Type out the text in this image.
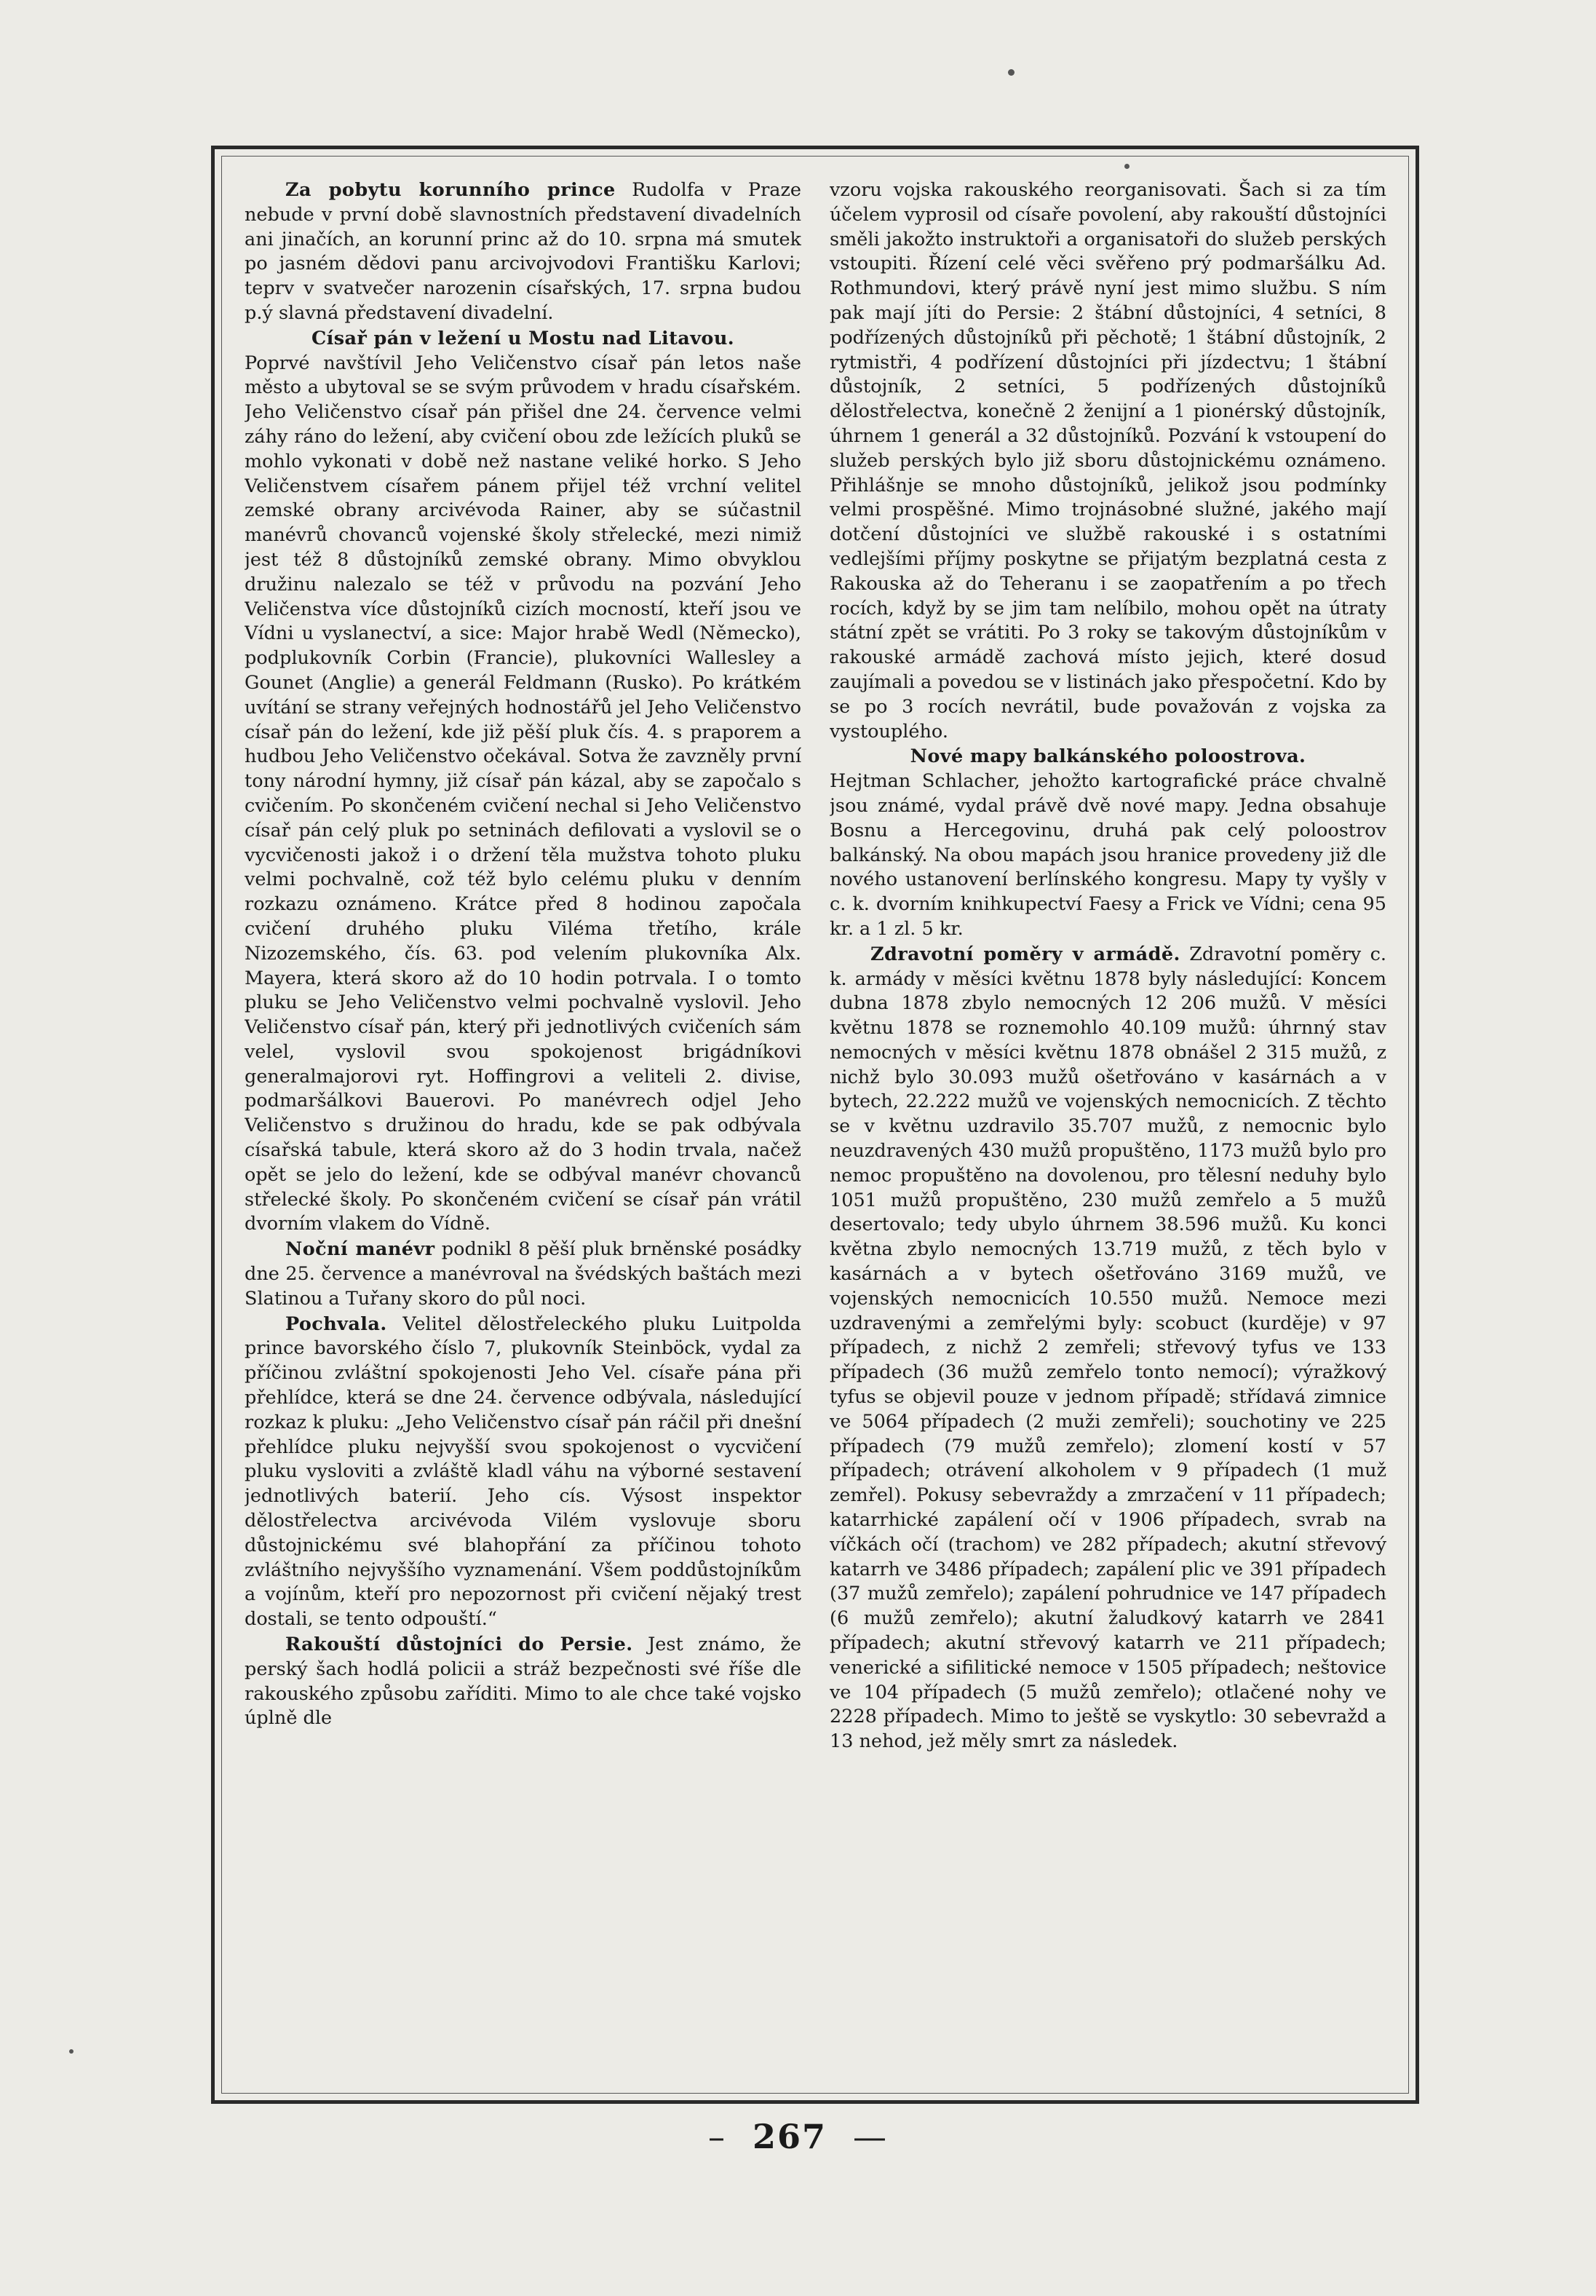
Za pobytu korunního prince Rudolfa v Praze nebude v první době slavnostních představení divadelních ani jinačích, an korunní princ až do 10. srpna má smutek po jasném dědovi panu arcivojvodovi Františku Karlovi; teprv v svatvečer narozenin císařských, 17. srpna budou p.ý slavná představení divadelní.

Císař pán v ležení u Mostu nad Litavou.
Poprvé navštívil Jeho Veličenstvo císař pán letos naše město a ubytoval se se svým průvodem v hradu císařském. Jeho Veličenstvo císař pán přišel dne 24. července velmi záhy ráno do ležení, aby cvičení obou zde ležících pluků se mohlo vykonati v době než nastane veliké horko. S Jeho Veličenstvem císařem pánem přijel též vrchní velitel zemské obrany arcivévoda Rainer, aby se súčastnil manévrů chovanců vojenské školy střelecké, mezi nimiž jest též 8 důstojníků zemské obrany. Mimo obvyklou družinu nalezalo se též v průvodu na pozvání Jeho Veličenstva více důstojníků cizích mocností, kteří jsou ve Vídni u vyslanectví, a sice: Major hrabě Wedl (Německo), podplukovník Corbin (Francie), plukovníci Wallesley a Gounet (Anglie) a generál Feldmann (Rusko). Po krátkém uvítání se strany veřejných hodnostářů jel Jeho Veličenstvo císař pán do ležení, kde již pěší pluk čís. 4. s praporem a hudbou Jeho Veličenstvo očekával. Sotva že zavzněly první tony národní hymny, již císař pán kázal, aby se započalo s cvičením. Po skončeném cvičení nechal si Jeho Veličenstvo císař pán celý pluk po setninách defilovati a vyslovil se o vycvičenosti jakož i o držení těla mužstva tohoto pluku velmi pochvalně, což též bylo celému pluku v denním rozkazu oznámeno. Krátce před 8 hodinou započala cvičení druhého pluku Viléma třetího, krále Nizozemského, čís. 63. pod velením plukovníka Alx. Mayera, která skoro až do 10 hodin potrvala. I o tomto pluku se Jeho Veličenstvo velmi pochvalně vyslovil. Jeho Veličenstvo císař pán, který při jednotlivých cvičeních sám velel, vyslovil svou spokojenost brigádníkovi generalmajorovi ryt. Hoffingrovi a veliteli 2. divise, podmaršálkovi Bauerovi. Po manévrech odjel Jeho Veličenstvo s družinou do hradu, kde se pak odbývala císařská tabule, která skoro až do 3 hodin trvala, načež opět se jelo do ležení, kde se odbýval manévr chovanců střelecké školy. Po skončeném cvičení se císař pán vrátil dvorním vlakem do Vídně.

Noční manévr podnikl 8 pěší pluk brněnské posádky dne 25. července a manévroval na švédských baštách mezi Slatinou a Tuřany skoro do půl noci.

Pochvala. Velitel dělostřeleckého pluku Luitpolda prince bavorského číslo 7, plukovník Steinböck, vydal za příčinou zvláštní spokojenosti Jeho Vel. císaře pána při přehlídce, která se dne 24. července odbývala, následující rozkaz k pluku: „Jeho Veličenstvo císař pán ráčil při dnešní přehlídce pluku nejvyšší svou spokojenost o vycvičení pluku vysloviti a zvláště kladl váhu na výborné sestavení jednotlivých baterií. Jeho cís. Výsost inspektor dělostřelectva arcivévoda Vilém vyslovuje sboru důstojnickému své blahopřání za příčinou tohoto zvláštního nejvyššího vyznamenání. Všem poddůstojníkům a vojínům, kteří pro nepozornost při cvičení nějaký trest dostali, se tento odpouští.“

Rakouští důstojníci do Persie. Jest známo, že perský šach hodlá policii a stráž bezpečnosti své říše dle rakouského způsobu zaříditi. Mimo to ale chce také vojsko úplně dle

vzoru vojska rakouského reorganisovati. Šach si za tím účelem vyprosil od císaře povolení, aby rakouští důstojníci směli jakožto instruktoři a organisatoři do služeb perských vstoupiti. Řízení celé věci svěřeno prý podmaršálku Ad. Rothmundovi, který právě nyní jest mimo službu. S ním pak mají jíti do Persie: 2 štábní důstojníci, 4 setníci, 8 podřízených důstojníků při pěchotě; 1 štábní důstojník, 2 rytmistři, 4 podřízení důstojníci při jízdectvu; 1 štábní důstojník, 2 setníci, 5 podřízených důstojníků dělostřelectva, konečně 2 ženijní a 1 pionérský důstojník, úhrnem 1 generál a 32 důstojníků. Pozvání k vstoupení do služeb perských bylo již sboru důstojnickému oznámeno. Přihlášnje se mnoho důstojníků, jelikož jsou podmínky velmi prospěšné. Mimo trojnásobné služné, jakého mají dotčení důstojníci ve službě rakouské i s ostatními vedlejšími příjmy poskytne se přijatým bezplatná cesta z Rakouska až do Teheranu i se zaopatřením a po třech rocích, když by se jim tam nelíbilo, mohou opět na útraty státní zpět se vrátiti. Po 3 roky se takovým důstojníkům v rakouské armádě zachová místo jejich, které dosud zaujímali a povedou se v listinách jako přespočetní. Kdo by se po 3 rocích nevrátil, bude považován z vojska za vystouplého.

Nové mapy balkánského poloostrova.
Hejtman Schlacher, jehožto kartografické práce chvalně jsou známé, vydal právě dvě nové mapy. Jedna obsahuje Bosnu a Hercegovinu, druhá pak celý poloostrov balkánský. Na obou mapách jsou hranice provedeny již dle nového ustanovení berlínského kongresu. Mapy ty vyšly v c. k. dvorním knihkupectví Faesy a Frick ve Vídni; cena 95 kr. a 1 zl. 5 kr.

Zdravotní poměry v armádě. Zdravotní poměry c. k. armády v měsíci květnu 1878 byly následující: Koncem dubna 1878 zbylo nemocných 12 206 mužů. V měsíci květnu 1878 se roznemohlo 40.109 mužů: úhrnný stav nemocných v měsíci květnu 1878 obnášel 2 315 mužů, z nichž bylo 30.093 mužů ošetřováno v kasárnách a v bytech, 22.222 mužů ve vojenských nemocnicích. Z těchto se v květnu uzdravilo 35.707 mužů, z nemocnic bylo neuzdravených 430 mužů propuštěno, 1173 mužů bylo pro nemoc propuštěno na dovolenou, pro tělesní neduhy bylo 1051 mužů propuštěno, 230 mužů zemřelo a 5 mužů desertovalo; tedy ubylo úhrnem 38.596 mužů. Ku konci května zbylo nemocných 13.719 mužů, z těch bylo v kasárnách a v bytech ošetřováno 3169 mužů, ve vojenských nemocnicích 10.550 mužů. Nemoce mezi uzdravenými a zemřelými byly: scobuct (kurděje) v 97 případech, z nichž 2 zemřeli; střevový tyfus ve 133 případech (36 mužů zemřelo tonto nemocí); výražkový tyfus se objevil pouze v jednom případě; střídavá zimnice ve 5064 případech (2 muži zemřeli); souchotiny ve 225 případech (79 mužů zemřelo); zlomení kostí v 57 případech; otrávení alkoholem v 9 případech (1 muž zemřel). Pokusy sebevraždy a zmrzačení v 11 případech; katarrhické zapálení očí v 1906 případech, svrab na víčkách očí (trachom) ve 282 případech; akutní střevový katarrh ve 3486 případech; zapálení plic ve 391 případech (37 mužů zemřelo); zapálení pohrudnice ve 147 případech (6 mužů zemřelo); akutní žaludkový katarrh ve 2841 případech; akutní střevový katarrh ve 211 případech; venerické a sifilitické nemoce v 1505 případech; neštovice ve 104 případech (5 mužů zemřelo); otlačené nohy ve 2228 případech. Mimo to ještě se vyskytlo: 30 sebevražd a 13 nehod, jež měly smrt za následek.

– 267 —
